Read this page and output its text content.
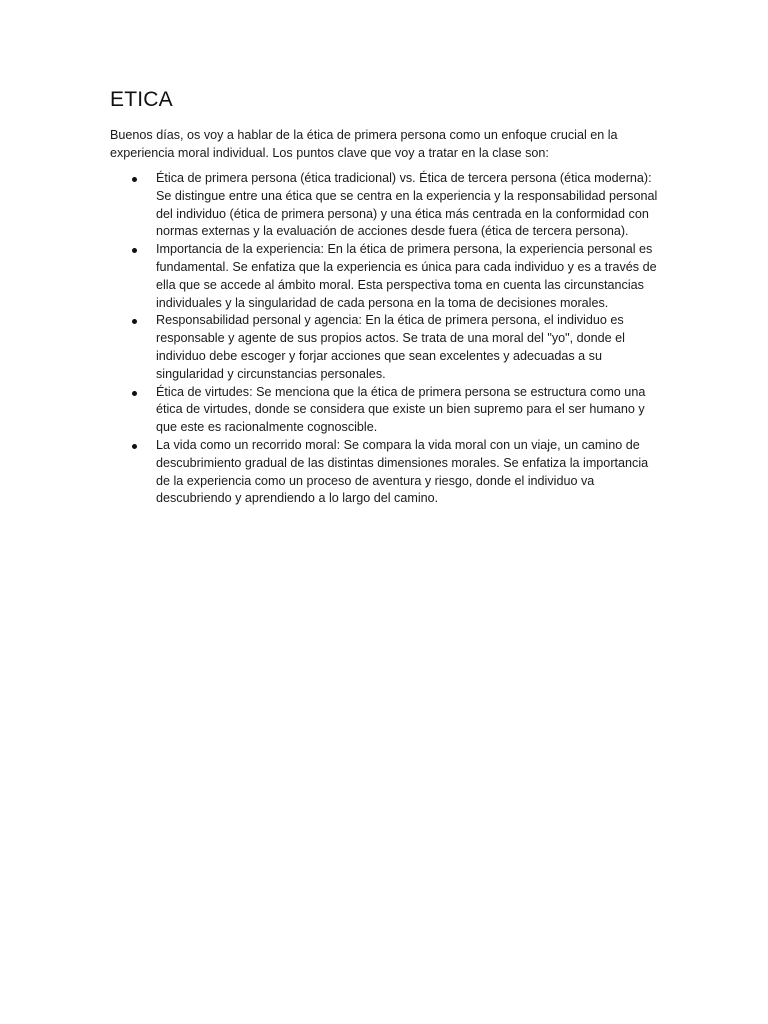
ETICA

Buenos días, os voy a hablar de la ética de primera persona como un enfoque crucial en la experiencia moral individual. Los puntos clave que voy a tratar en la clase son:

Ética de primera persona (ética tradicional) vs. Ética de tercera persona (ética moderna): Se distingue entre una ética que se centra en la experiencia y la responsabilidad personal del individuo (ética de primera persona) y una ética más centrada en la conformidad con normas externas y la evaluación de acciones desde fuera (ética de tercera persona).
Importancia de la experiencia: En la ética de primera persona, la experiencia personal es fundamental. Se enfatiza que la experiencia es única para cada individuo y es a través de ella que se accede al ámbito moral. Esta perspectiva toma en cuenta las circunstancias individuales y la singularidad de cada persona en la toma de decisiones morales.
Responsabilidad personal y agencia: En la ética de primera persona, el individuo es responsable y agente de sus propios actos. Se trata de una moral del "yo", donde el individuo debe escoger y forjar acciones que sean excelentes y adecuadas a su singularidad y circunstancias personales.
Ética de virtudes: Se menciona que la ética de primera persona se estructura como una ética de virtudes, donde se considera que existe un bien supremo para el ser humano y que este es racionalmente cognoscible.
La vida como un recorrido moral: Se compara la vida moral con un viaje, un camino de descubrimiento gradual de las distintas dimensiones morales. Se enfatiza la importancia de la experiencia como un proceso de aventura y riesgo, donde el individuo va descubriendo y aprendiendo a lo largo del camino.
